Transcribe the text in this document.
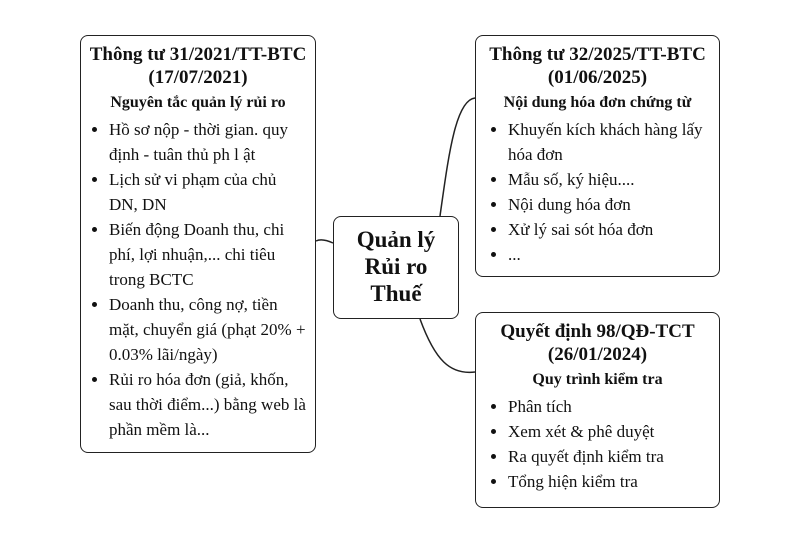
Thông tư 31/2021/TT-BTC
(17/07/2021)
Nguyên tắc quản lý rủi ro
• Hồ sơ nộp - thời gian. quy định - tuân thủ ph l ật
• Lịch sử vi phạm của chủ DN, DN
• Biến động Doanh thu, chi phí, lợi nhuận,... chi tiêu trong BCTC
• Doanh thu, công nợ, tiền mặt, chuyển giá (phạt 20% + 0.03% lãi/ngày)
• Rủi ro hóa đơn (giả, khốn, sau thời điểm...) bằng web là phần mềm là...
Quản lý
Rủi ro
Thuế
Thông tư 32/2025/TT-BTC
(01/06/2025)
Nội dung hóa đơn chứng từ
• Khuyến kích khách hàng lấy hóa đơn
• Mẫu số, ký hiệu....
• Nội dung hóa đơn
• Xử lý sai sót hóa đơn
• ...
Quyết định 98/QĐ-TCT
(26/01/2024)
Quy trình kiểm tra
• Phân tích
• Xem xét & phê duyệt
• Ra quyết định kiểm tra
• Tổng hiện kiểm tra
